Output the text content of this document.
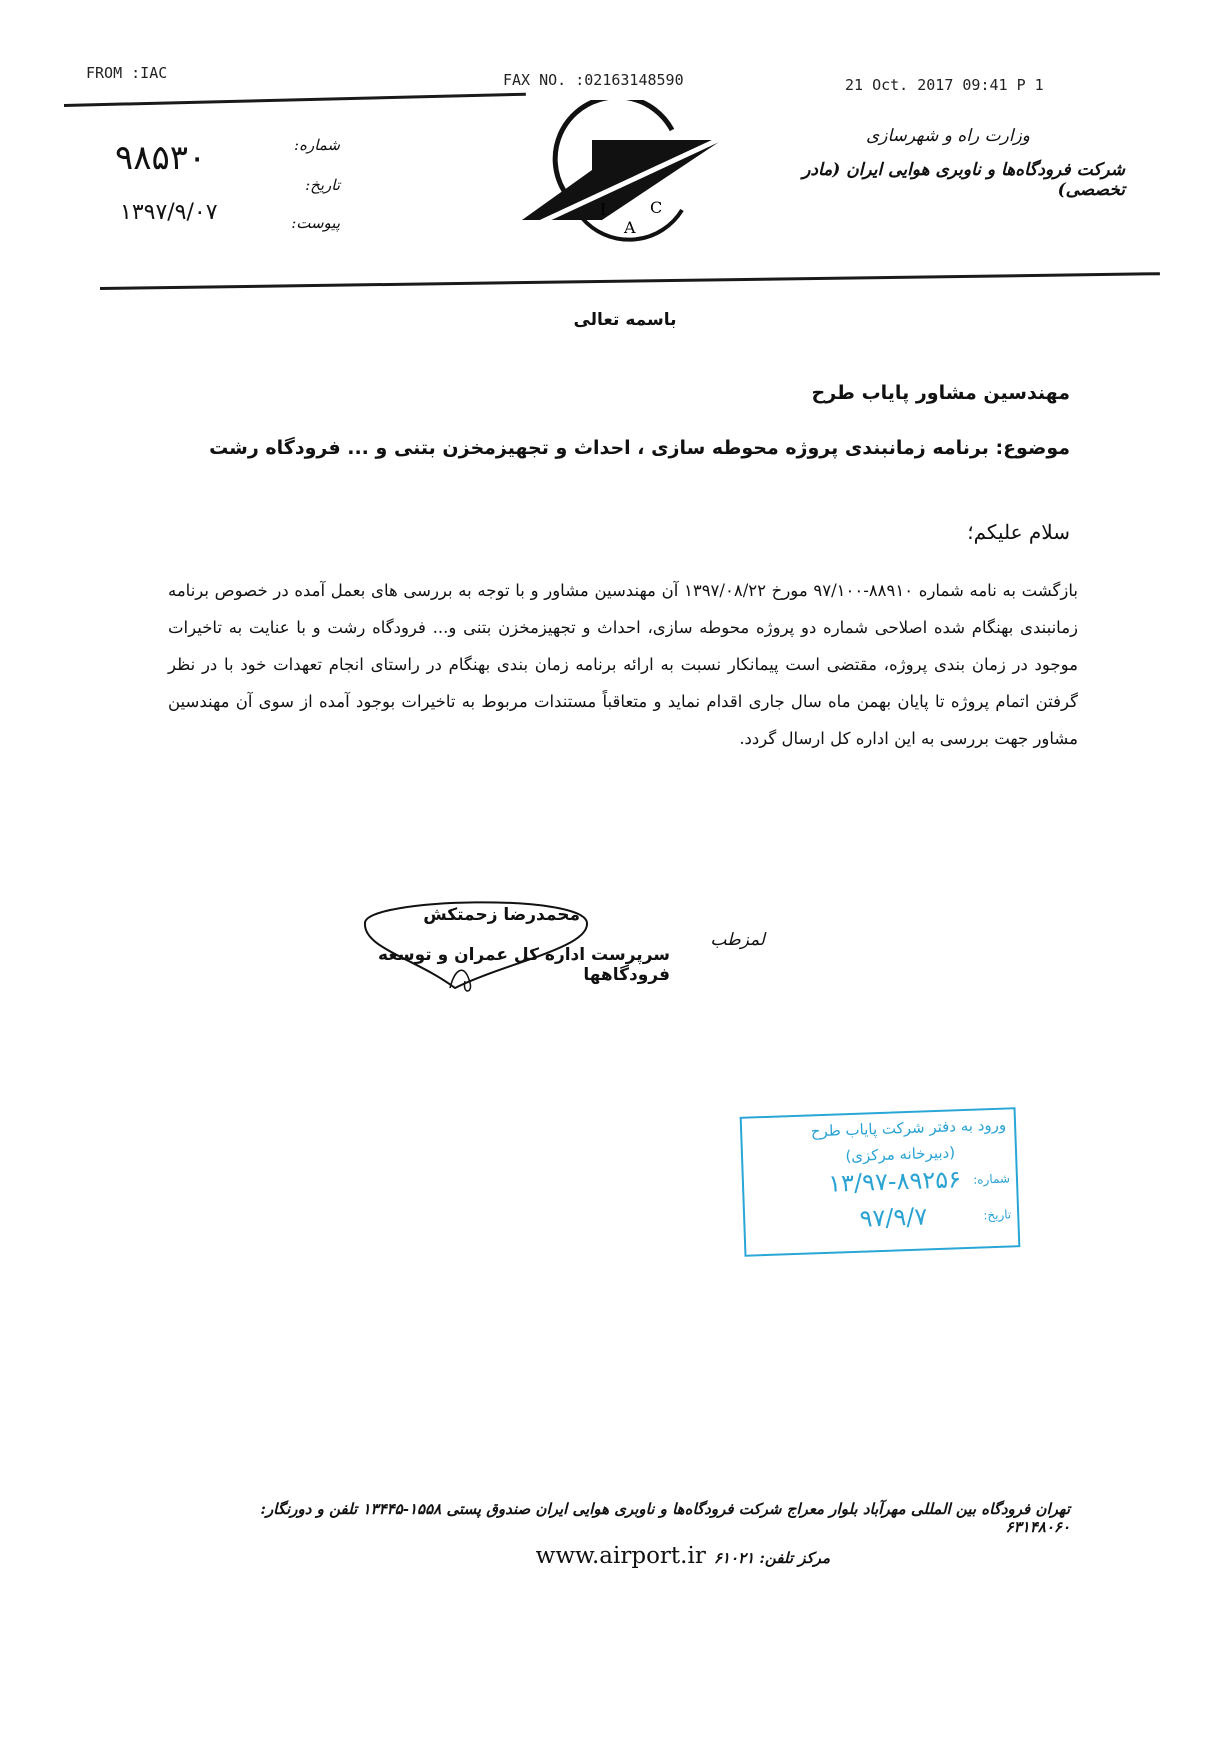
FROM :IAC	FAX NO. :02163148590	21 Oct. 2017 09:41 P 1
۹۸۵۳۰
۱۳۹۷/۹/۰۷
شماره:
تاریخ:
پیوست:
I
A
C
وزارت راه و شهرسازی
شرکت فرودگاه‌ها و ناوبری هوایی ایران (مادر تخصصی)
باسمه تعالی
مهندسین مشاور پایاب طرح
موضوع: برنامه زمانبندی پروژه محوطه سازی ، احداث و تجهیزمخزن بتنی و ... فرودگاه رشت
سلام علیکم؛
بازگشت به نامه شماره ۸۸۹۱۰-۹۷/۱۰۰ مورخ ۱۳۹۷/۰۸/۲۲ آن مهندسین مشاور و با توجه به بررسی های بعمل آمده در خصوص برنامه زمانبندی بهنگام شده اصلاحی شماره دو پروژه محوطه سازی، احداث و تجهیزمخزن بتنی و... فرودگاه رشت و با عنایت به تاخیرات موجود در زمان بندی پروژه، مقتضی است پیمانکار نسبت به ارائه برنامه زمان بندی بهنگام در راستای انجام تعهدات خود با در نظر گرفتن اتمام پروژه تا پایان بهمن ماه سال جاری اقدام نماید و متعاقباً مستندات مربوط به تاخیرات بوجود آمده از سوی آن مهندسین مشاور جهت بررسی به این اداره کل ارسال گردد.
محمدرضا زحمتکش
سرپرست اداره کل عمران و توسعه فرودگاهها
لمزطب
ورود به دفتر شرکت پایاب طرح
(دبیرخانه مرکزی)
شماره:
۱۳/۹۷-۸۹۲۵۶
تاریخ:
۹۷/۹/۷
تهران فرودگاه بین المللی مهرآباد بلوار معراج شرکت فرودگاه‌ها و ناوبری هوایی ایران صندوق پستی ۱۵۵۸-۱۳۴۴۵ تلفن و دورنگار: ۶۳۱۴۸۰۶۰
مرکز تلفن: ۶۱۰۲۱
www.airport.ir
